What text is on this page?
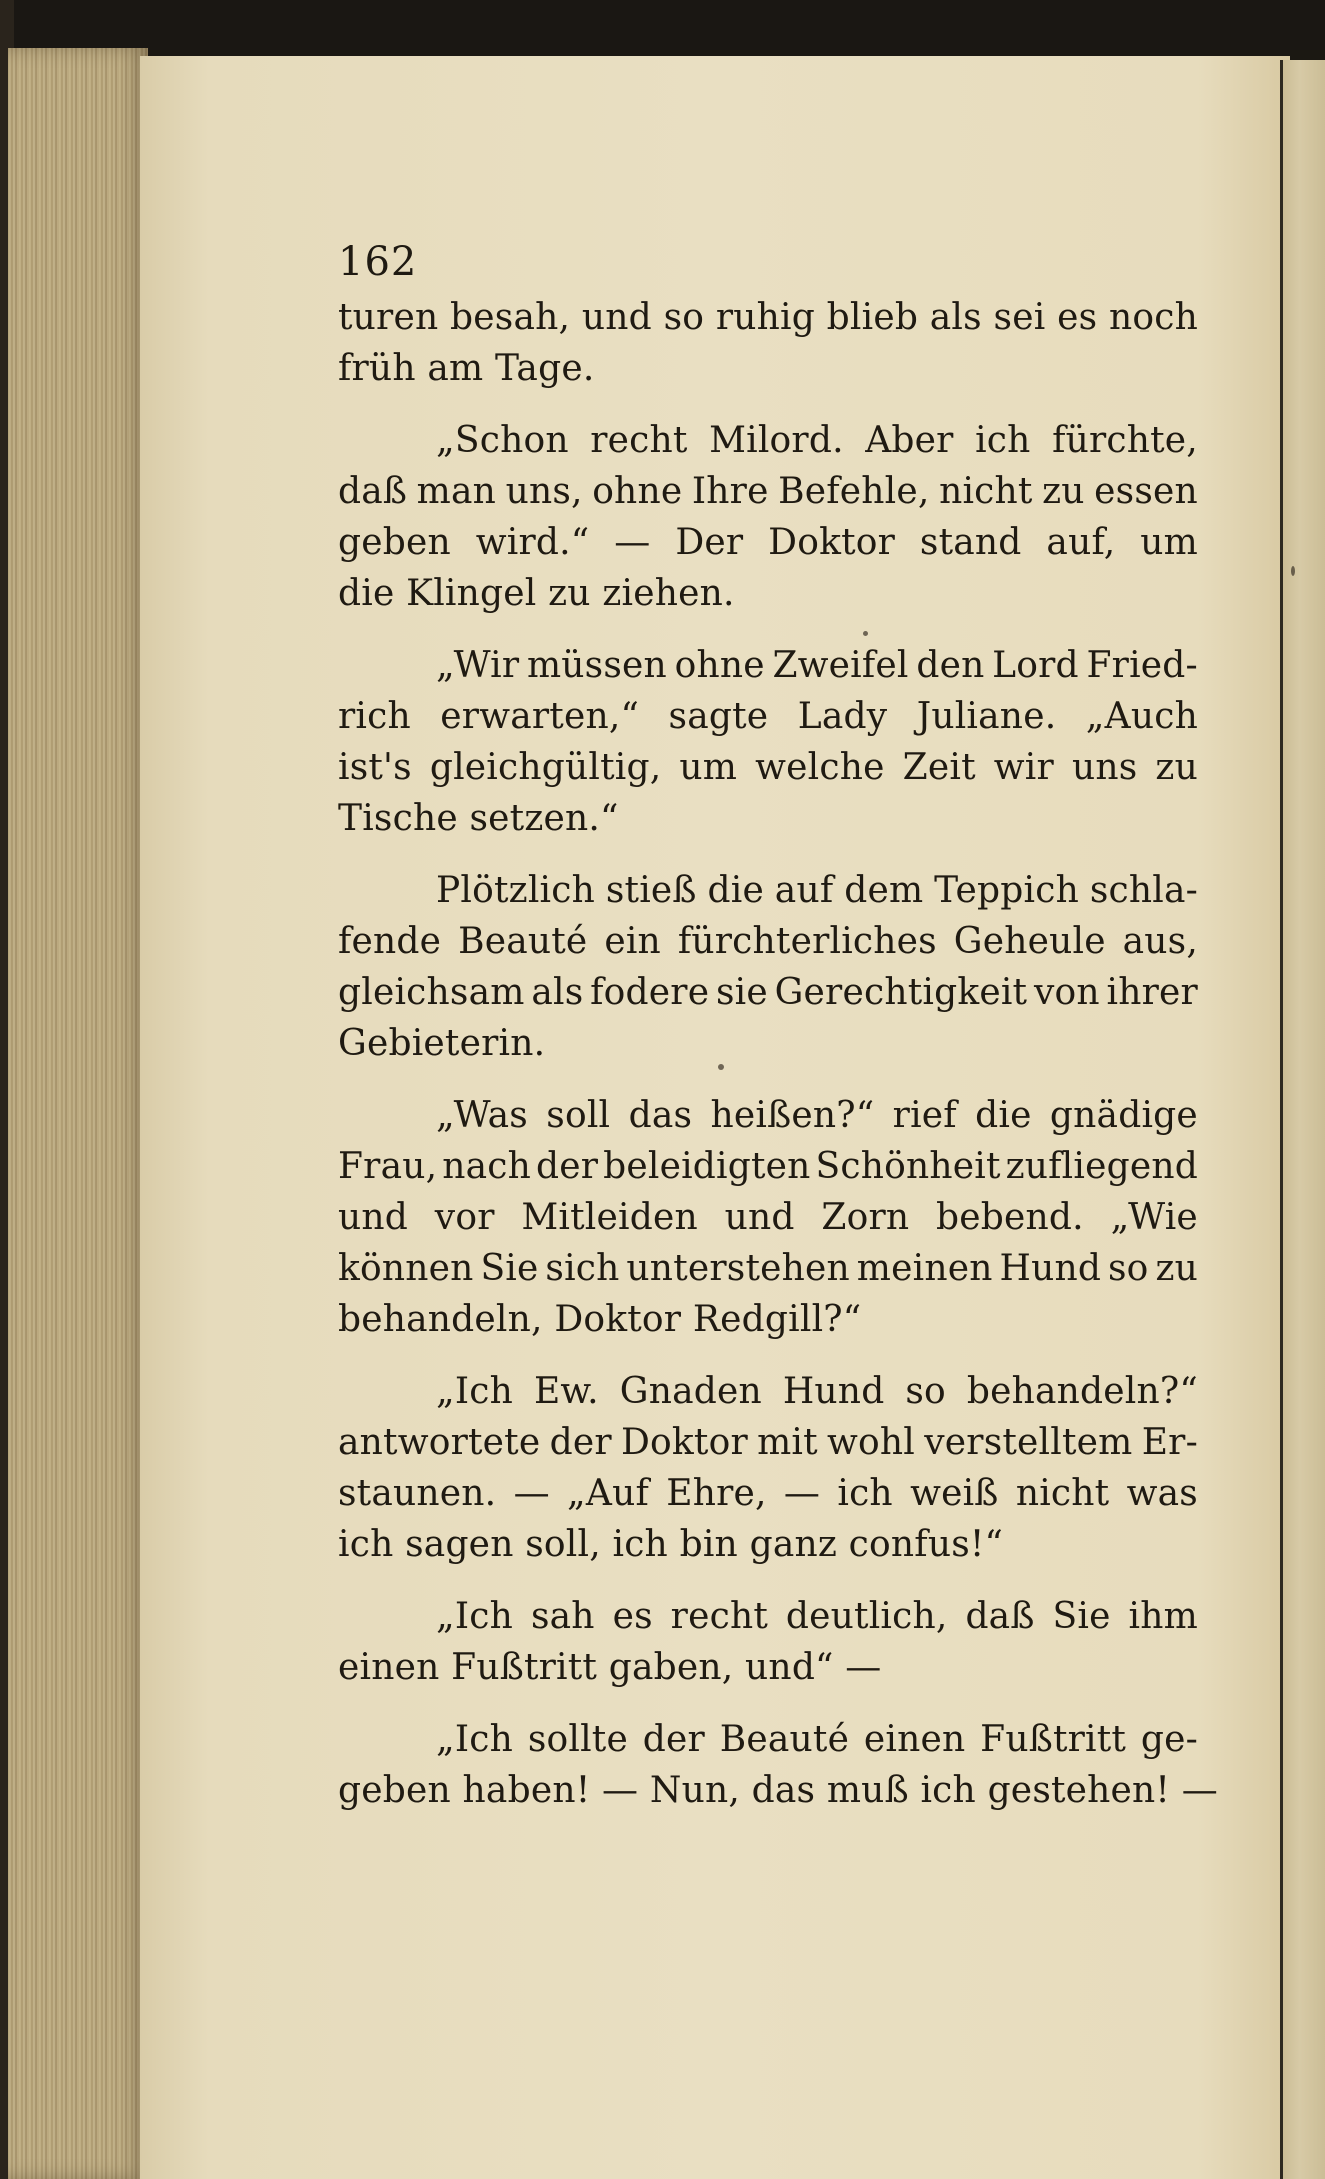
162
turen besah, und so ruhig blieb als sei es noch
früh am Tage.
„Schon recht Milord. Aber ich fürchte,
daß man uns, ohne Ihre Befehle, nicht zu essen
geben wird.“ — Der Doktor stand auf, um
die Klingel zu ziehen.
„Wir müssen ohne Zweifel den Lord Fried-
rich erwarten,“ sagte Lady Juliane. „Auch
ist's gleichgültig, um welche Zeit wir uns zu
Tische setzen.“
Plötzlich stieß die auf dem Teppich schla-
fende Beauté ein fürchterliches Geheule aus,
gleichsam als fodere sie Gerechtigkeit von ihrer
Gebieterin.
„Was soll das heißen?“ rief die gnädige
Frau, nach der beleidigten Schönheit zufliegend
und vor Mitleiden und Zorn bebend. „Wie
können Sie sich unterstehen meinen Hund so zu
behandeln, Doktor Redgill?“
„Ich Ew. Gnaden Hund so behandeln?“
antwortete der Doktor mit wohl verstelltem Er-
staunen. — „Auf Ehre, — ich weiß nicht was
ich sagen soll, ich bin ganz confus!“
„Ich sah es recht deutlich, daß Sie ihm
einen Fußtritt gaben, und“ —
„Ich sollte der Beauté einen Fußtritt ge-
geben haben! — Nun, das muß ich gestehen! —
